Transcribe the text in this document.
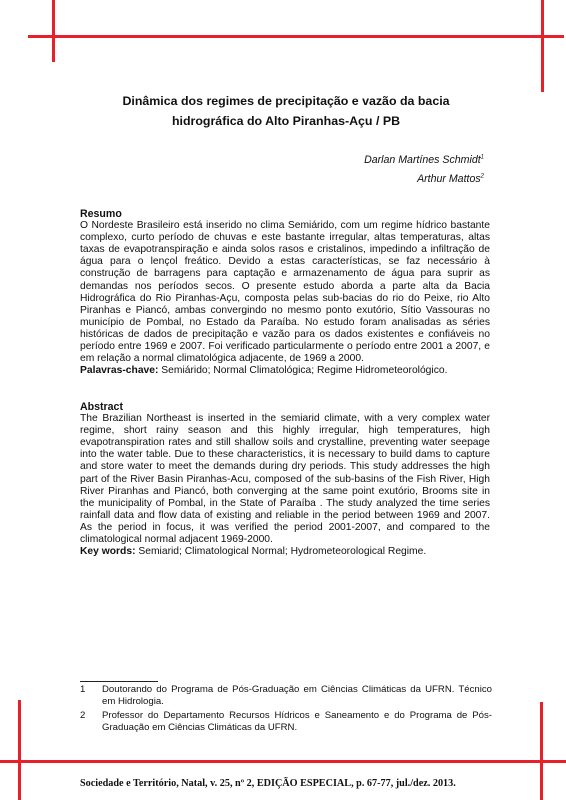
Dinâmica dos regimes de precipitação e vazão da bacia
hidrográfica do Alto Piranhas-Açu / PB
Darlan Martínes Schmidt$^1$
Arthur Mattos$^2$
Resumo

O Nordeste Brasileiro está inserido no clima Semiárido, com um regime hídrico bastante complexo, curto período de chuvas e este bastante irregular, altas temperaturas, altas taxas de evapotranspiração e ainda solos rasos e cristalinos, impedindo a infiltração de água para o lençol freático. Devido a estas características, se faz necessário à construção de barragens para captação e armazenamento de água para suprir as demandas nos períodos secos. O presente estudo aborda a parte alta da Bacia Hidrográfica do Rio Piranhas-Açu, composta pelas sub-bacias do rio do Peixe, rio Alto Piranhas e Piancó, ambas convergindo no mesmo ponto exutório, Sítio Vassouras no município de Pombal, no Estado da Paraíba. No estudo foram analisadas as séries históricas de dados de precipitação e vazão para os dados existentes e confiáveis no período entre 1969 e 2007. Foi verificado particularmente o período entre 2001 a 2007, e em relação a normal climatológica adjacente, de 1969 a 2000.

Palavras-chave: Semiárido; Normal Climatológica; Regime Hidrometeorológico.

Abstract

The Brazilian Northeast is inserted in the semiarid climate, with a very complex water regime, short rainy season and this highly irregular, high temperatures, high evapotranspiration rates and still shallow soils and crystalline, preventing water seepage into the water table. Due to these characteristics, it is necessary to build dams to capture and store water to meet the demands during dry periods. This study addresses the high part of the River Basin Piranhas-Acu, composed of the sub-basins of the Fish River, High River Piranhas and Piancó, both converging at the same point exutório, Brooms site in the municipality of Pombal, in the State of Paraíba . The study analyzed the time series rainfall data and flow data of existing and reliable in the period between 1969 and 2007. As the period in focus, it was verified the period 2001-2007, and compared to the climatological normal adjacent 1969-2000.

Key words: Semiarid; Climatological Normal; Hydrometeorological Regime.

1	Doutorando do Programa de Pós-Graduação em Ciências Climáticas da UFRN. Técnico em Hidrologia.
2	Professor do Departamento Recursos Hídricos e Saneamento e do Programa de Pós-Graduação em Ciências Climáticas da UFRN.
Sociedade e Território, Natal, v. 25, nº 2, EDIÇÃO ESPECIAL, p. 67-77, jul./dez. 2013.
